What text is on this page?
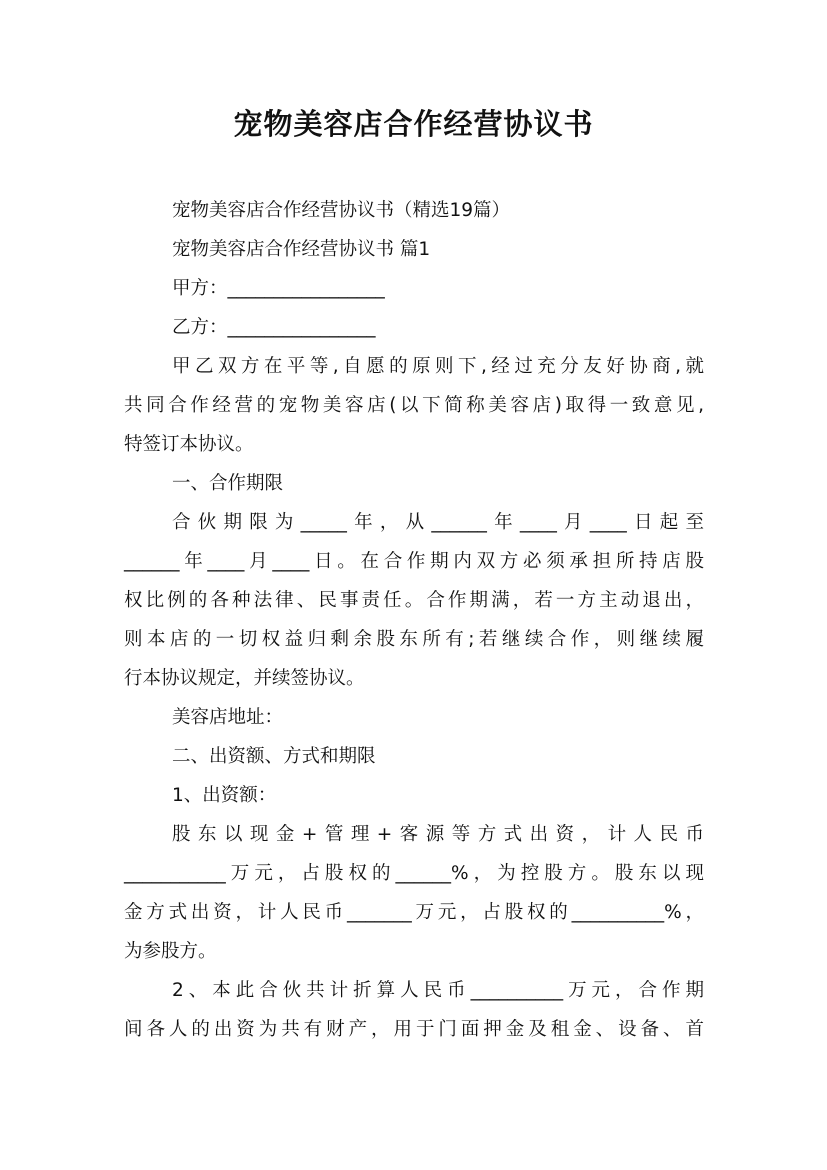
宠物美容店合作经营协议书
宠物美容店合作经营协议书（精选19篇）
宠物美容店合作经营协议书 篇1
甲方：_________________
乙方：________________
甲乙双方在平等,自愿的原则下,经过充分友好协商,就
共同合作经营的宠物美容店(以下简称美容店)取得一致意见,
特签订本协议。
一、合作期限
合伙期限为_____年，从______年____月____日起至
______年____月____日。在合作期内双方必须承担所持店股
权比例的各种法律、民事责任。合作期满，若一方主动退出，
则本店的一切权益归剩余股东所有;若继续合作，则继续履
行本协议规定，并续签协议。
美容店地址：
二、出资额、方式和期限
1、出资额：
股东以现金+管理+客源等方式出资，计人民币
___________万元，占股权的______%，为控股方。股东以现
金方式出资，计人民币_______万元，占股权的__________%，
为参股方。
2、本此合伙共计折算人民币__________万元，合作期
间各人的出资为共有财产，用于门面押金及租金、设备、首
